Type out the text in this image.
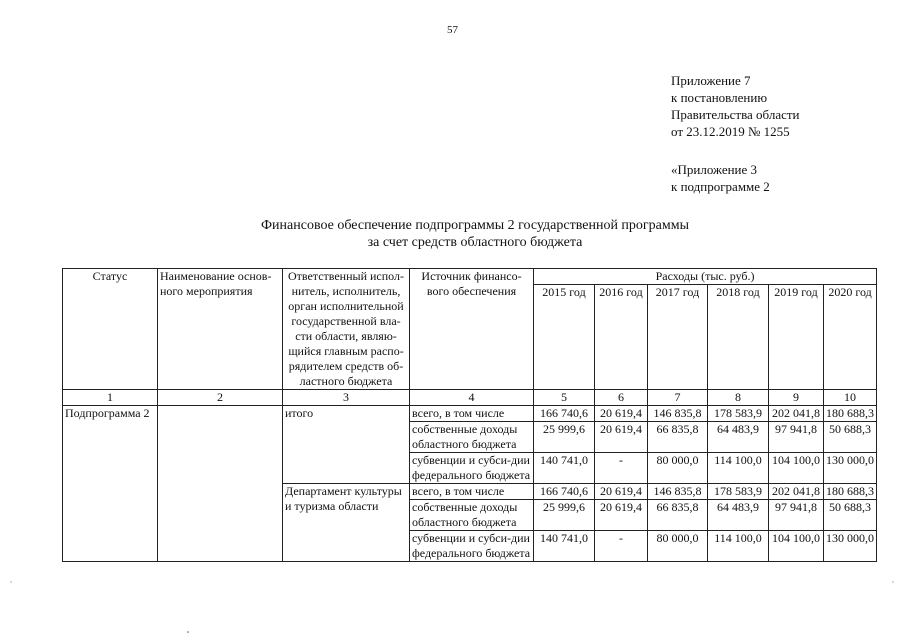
57
Приложение 7
к постановлению
Правительства области
от 23.12.2019 № 1255
«Приложение 3
к подпрограмме 2
Финансовое обеспечение подпрограммы 2 государственной программы
за счет средств областного бюджета
Статус	Наименование основ-ного мероприятия	Ответственный испол-нитель, исполнитель, орган исполнительной государственной вла-сти области, являю-щийся главным распо-рядителем средств об-ластного бюджета	Источник финансо-вого обеспечения	Расходы (тыс. руб.)					
				2015 год	2016 год	2017 год	2018 год	2019 год	2020 год
1	2	3	4	5	6	7	8	9	10
Подпрограмма 2		итого	всего, в том числе	166 740,6	20 619,4	146 835,8	178 583,9	202 041,8	180 688,3
			собственные доходы областного бюджета	25 999,6	20 619,4	66 835,8	64 483,9	97 941,8	50 688,3
			субвенции и субси-дии федерального бюджета	140 741,0	-	80 000,0	114 100,0	104 100,0	130 000,0
		Департамент культуры и туризма области	всего, в том числе	166 740,6	20 619,4	146 835,8	178 583,9	202 041,8	180 688,3
			собственные доходы областного бюджета	25 999,6	20 619,4	66 835,8	64 483,9	97 941,8	50 688,3
			субвенции и субси-дии федерального бюджета	140 741,0	-	80 000,0	114 100,0	104 100,0	130 000,0
